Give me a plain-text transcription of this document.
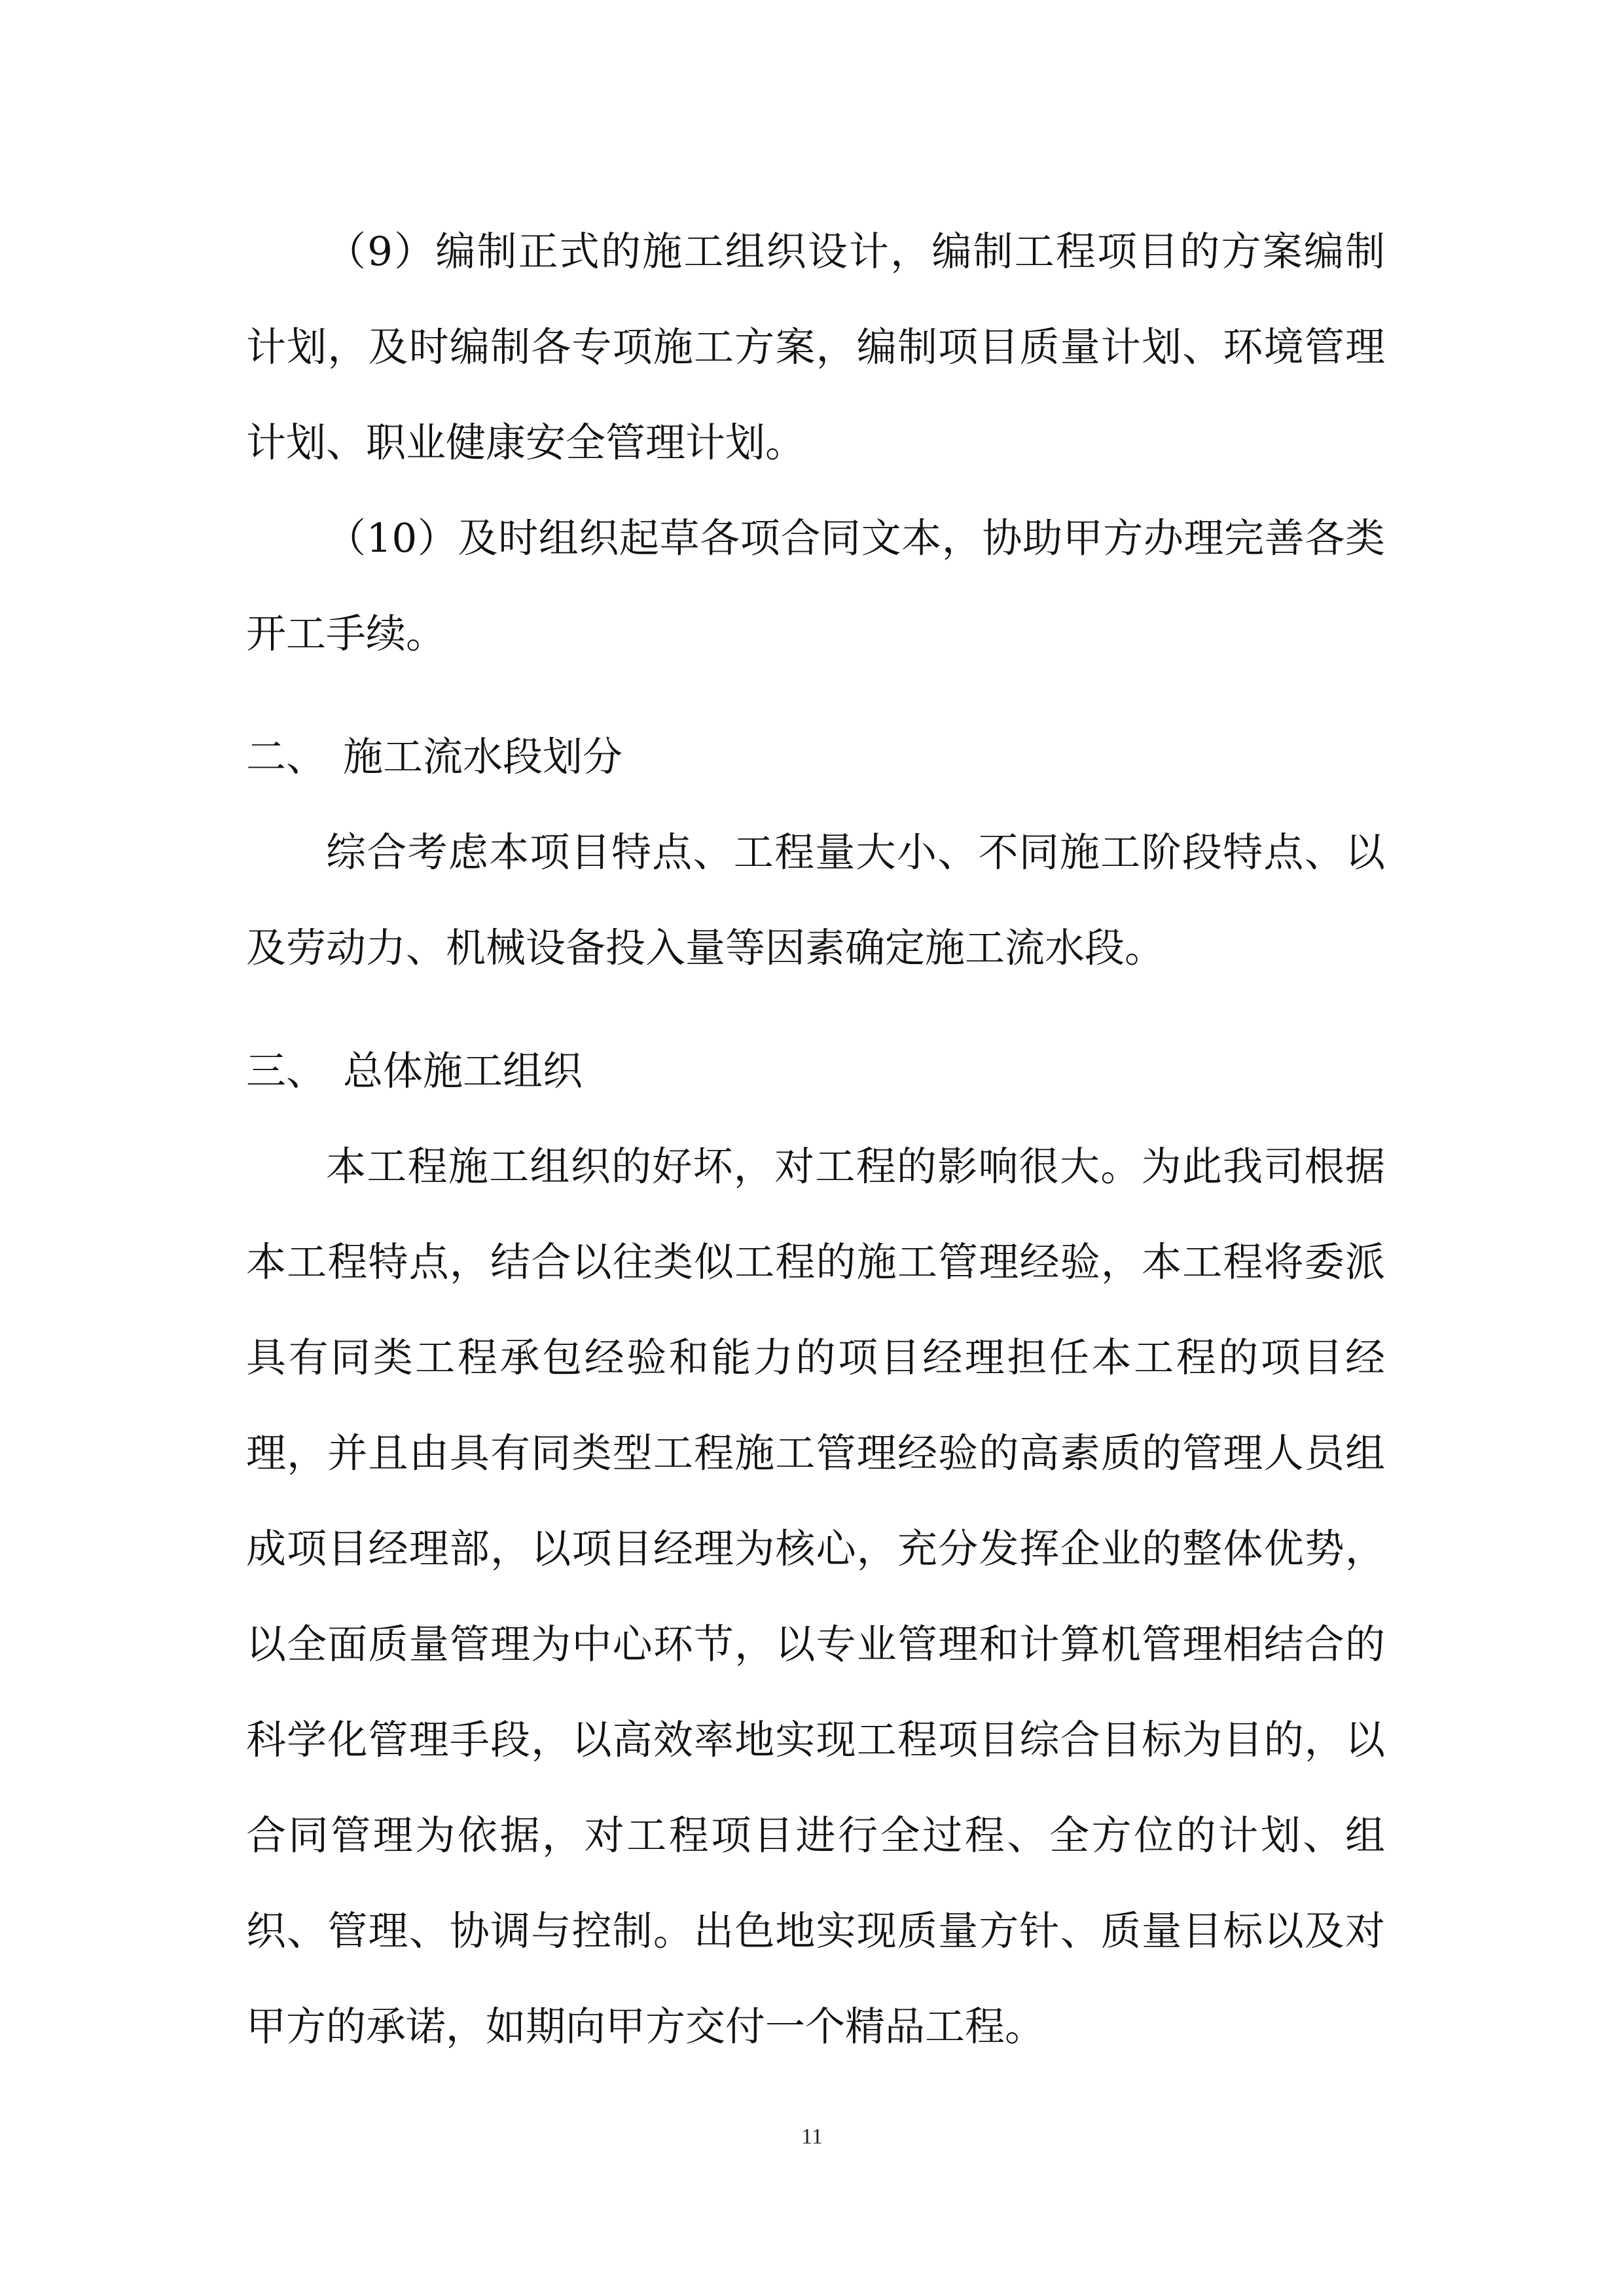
（9）编制正式的施工组织设计，编制工程项目的方案编制计划，及时编制各专项施工方案，编制项目质量计划、环境管理计划、职业健康安全管理计划。

（10）及时组织起草各项合同文本，协助甲方办理完善各类开工手续。

二、 施工流水段划分

综合考虑本项目特点、工程量大小、不同施工阶段特点、以及劳动力、机械设备投入量等因素确定施工流水段。

三、 总体施工组织

本工程施工组织的好坏，对工程的影响很大。为此我司根据本工程特点，结合以往类似工程的施工管理经验，本工程将委派具有同类工程承包经验和能力的项目经理担任本工程的项目经理，并且由具有同类型工程施工管理经验的高素质的管理人员组成项目经理部，以项目经理为核心，充分发挥企业的整体优势，以全面质量管理为中心环节，以专业管理和计算机管理相结合的科学化管理手段，以高效率地实现工程项目综合目标为目的，以合同管理为依据，对工程项目进行全过程、全方位的计划、组织、管理、协调与控制。出色地实现质量方针、质量目标以及对甲方的承诺，如期向甲方交付一个精品工程。

11
